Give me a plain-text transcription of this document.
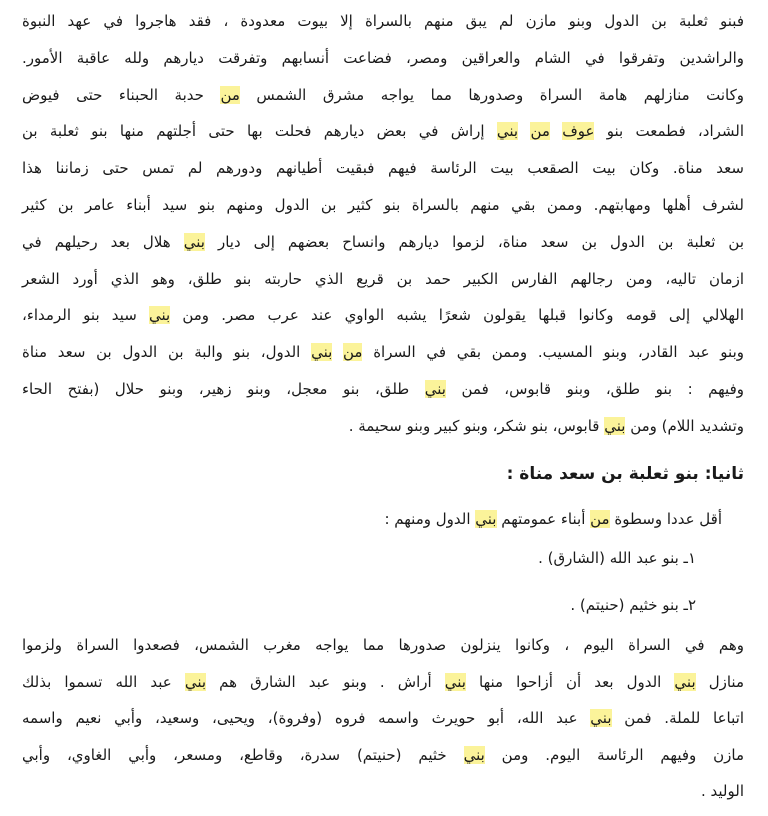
فبنو ثعلبة بن الدول وبنو مازن لم يبق منهم بالسراة إلا بيوت معدودة ، فقد هاجروا في عهد النبوة
والراشدين وتفرقوا في الشام والعراقين ومصر، فضاعت أنسابهم وتفرقت ديارهم ولله عاقبة الأمور.
وكانت منازلهم هامة السراة وصدورها مما يواجه مشرق الشمس من حدبة الحبناء حتى فيوض
الشراد، فطمعت بنو عوف من بني إراش في بعض ديارهم فحلت بها حتى أجلتهم منها بنو ثعلبة بن
سعد مناة. وكان بيت الصقعب بيت الرئاسة فيهم فبقيت أطيانهم ودورهم لم تمس حتى زماننا هذا
لشرف أهلها ومهابتهم. وممن بقي منهم بالسراة بنو كثير بن الدول ومنهم بنو سيد أبناء عامر بن كثير
بن ثعلبة بن الدول بن سعد مناة، لزموا ديارهم وانساح بعضهم إلى ديار بني هلال بعد رحيلهم في
ازمان تاليه، ومن رجالهم الفارس الكبير حمد بن قريع الذي حاربته بنو طلق، وهو الذي أورد الشعر
الهلالي إلى قومه وكانوا قبلها يقولون شعرًا يشبه الواوي عند عرب مصر. ومن بني سيد بنو الرمداء،
وبنو عبد القادر، وبنو المسيب. وممن بقي في السراة من بني الدول، بنو والبة بن الدول بن سعد مناة
وفيهم : بنو طلق، وبنو قابوس، فمن بني طلق، بنو معجل، وبنو زهير، وبنو حلال (بفتح الحاء
وتشديد اللام) ومن بني قابوس، بنو شكر، وبنو كبير وبنو سحيمة .
ثانيا: بنو ثعلبة بن سعد مناة :
أقل عددا وسطوة من أبناء عمومتهم بني الدول ومنهم :
١ـ بنو عبد الله (الشارق) .
٢ـ بنو خثيم (حنيتم) .
وهم في السراة اليوم ، وكانوا ينزلون صدورها مما يواجه مغرب الشمس، فصعدوا السراة ولزموا
منازل بني الدول بعد أن أزاحوا منها بني أراش . وبنو عبد الشارق هم بني عبد الله تسموا بذلك
اتباعا للملة. فمن بني عبد الله، أبو حويرث واسمه فروه (وفروة)، ويحيى، وسعيد، وأبي نعيم واسمه
مازن وفيهم الرئاسة اليوم. ومن بني خثيم (حنيتم) سدرة، وقاطع، ومسعر، وأبي الغاوي، وأبي
الوليد .
